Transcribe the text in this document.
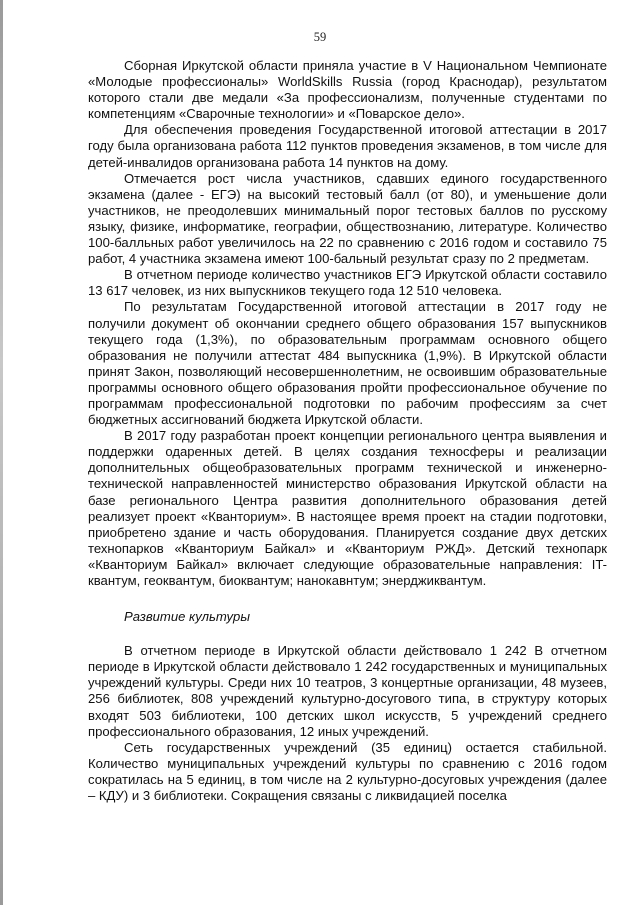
59

Сборная Иркутской области приняла участие в V Национальном Чемпионате «Молодые профессионалы» WorldSkills Russia (город Краснодар), результатом которого стали две медали «За профессионализм, полученные студентами по компетенциям «Сварочные технологии» и «Поварское дело».

Для обеспечения проведения Государственной итоговой аттестации в 2017 году была организована работа 112 пунктов проведения экзаменов, в том числе для детей-инвалидов организована работа 14 пунктов на дому.

Отмечается рост числа участников, сдавших единого государственного экзамена (далее - ЕГЭ) на высокий тестовый балл (от 80), и уменьшение доли участников, не преодолевших минимальный порог тестовых баллов по русскому языку, физике, информатике, географии, обществознанию, литературе. Количество 100-балльных работ увеличилось на 22 по сравнению с 2016 годом и составило 75 работ, 4 участника экзамена имеют 100-бальный результат сразу по 2 предметам.

В отчетном периоде количество участников ЕГЭ Иркутской области составило 13 617 человек, из них выпускников текущего года 12 510 человека.

По результатам Государственной итоговой аттестации в 2017 году не получили документ об окончании среднего общего образования 157 выпускников текущего года (1,3%), по образовательным программам основного общего образования не получили аттестат 484 выпускника (1,9%). В Иркутской области принят Закон, позволяющий несовершеннолетним, не освоившим образовательные программы основного общего образования пройти профессиональное обучение по программам профессиональной подготовки по рабочим профессиям за счет бюджетных ассигнований бюджета Иркутской области.

В 2017 году разработан проект концепции регионального центра выявления и поддержки одаренных детей. В целях создания техносферы и реализации дополнительных общеобразовательных программ технической и инженерно-технической направленностей министерство образования Иркутской области на базе регионального Центра развития дополнительного образования детей реализует проект «Кванториум». В настоящее время проект на стадии подготовки, приобретено здание и часть оборудования. Планируется создание двух детских технопарков «Кванториум Байкал» и «Кванториум РЖД». Детский технопарк «Кванториум Байкал» включает следующие образовательные направления: IT-квантум, геоквантум, биоквантум; нанокавнтум; энерджиквантум.

Развитие культуры

В отчетном периоде в Иркутской области действовало 1 242 В отчетном периоде в Иркутской области действовало 1 242 государственных и муниципальных учреждений культуры. Среди них 10 театров, 3 концертные организации, 48 музеев, 256 библиотек, 808 учреждений культурно-досугового типа, в структуру которых входят 503 библиотеки, 100 детских школ искусств, 5 учреждений среднего профессионального образования, 12 иных учреждений.

Сеть государственных учреждений (35 единиц) остается стабильной. Количество муниципальных учреждений культуры по сравнению с 2016 годом сократилась на 5 единиц, в том числе на 2 культурно-досуговых учреждения (далее – КДУ) и 3 библиотеки. Сокращения связаны с ликвидацией поселка
